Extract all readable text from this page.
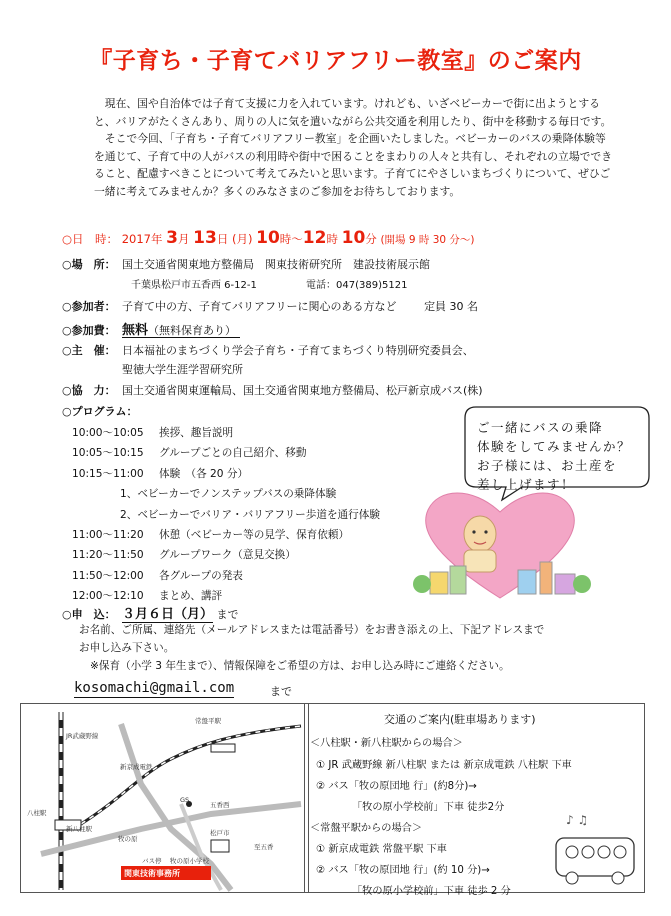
『子育ち・子育てバリアフリー教室』のご案内

現在、国や自治体では子育て支援に力を入れています。けれども、いざベビーカーで街に出ようとすると、バリアがたくさんあり、周りの人に気を遣いながら公共交通を利用したり、街中を移動する毎日です。

そこで今回、「子育ち・子育てバリアフリー教室」を企画いたしました。ベビーカーのバスの乗降体験等を通じて、子育て中の人がバスの利用時や街中で困ることをまわりの人々と共有し、それぞれの立場でできること、配慮すべきことについて考えてみたいと思います。子育てにやさしいまちづくりについて、ぜひご一緒に考えてみませんか？多くのみなさまのご参加をお待ちしております。

○日　時： 2017年 3月 13日 (月) 10時〜12時 10分 (開場 9 時 30 分〜)
○場　所： 国土交通省関東地方整備局　関東技術研究所　建設技術展示館
千葉県松戸市五香西 6-12-1	電話：047(389)5121
○参加者： 子育て中の方、子育てバリアフリーに関心のある方など	定員 30 名
○参加費： 無料（無料保育あり）
○主　催： 日本福祉のまちづくり学会子育ち・子育てまちづくり特別研究委員会、
聖徳大学生涯学習研究所
○協　力： 国土交通省関東運輸局、国土交通省関東地方整備局、松戸新京成バス(株)
○プログラム：
10:00〜10:05 挨拶、趣旨説明
10:05〜10:15 グループごとの自己紹介、移動
10:15〜11:00 体験　（各 20 分）
1、ベビーカーでノンステップバスの乗降体験
2、ベビーカーでバリア・バリアフリー歩道を通行体験
11:00〜11:20 休憩（ベビーカー等の見学、保育依頼）
11:20〜11:50 グループワーク（意見交換）
11:50〜12:00 各グループの発表
12:00〜12:10 まとめ、講評
ご一緒にバスの乗降
体験をしてみませんか？
お子様には、お土産を
差し上げます！
○申　込： ３月６日（月） まで
お名前、ご所属、連絡先（メールアドレスまたは電話番号）をお書き添えの上、下記アドレスまで
お申し込み下さい。
※保育（小学 3 年生まで）、情報保障をご希望の方は、お申し込み時にご連絡ください。
kosomachi@gmail.com	まで
JR武蔵野線
新八柱駅
八柱駅
常盤平駅
新京成電鉄
GS
牧の原
牧の原小学校
バス停
関東技術事務所
松戸市
五香西
至五香
交通のご案内(駐車場あります)
＜八柱駅・新八柱駅からの場合＞
① JR 武蔵野線 新八柱駅 または 新京成電鉄 八柱駅 下車
② バス「牧の原団地 行」(約8分)→
「牧の原小学校前」下車 徒歩2分
＜常盤平駅からの場合＞
① 新京成電鉄 常盤平駅 下車
② バス「牧の原団地 行」(約 10 分)→
「牧の原小学校前」下車 徒歩 2 分
♪ ♫
